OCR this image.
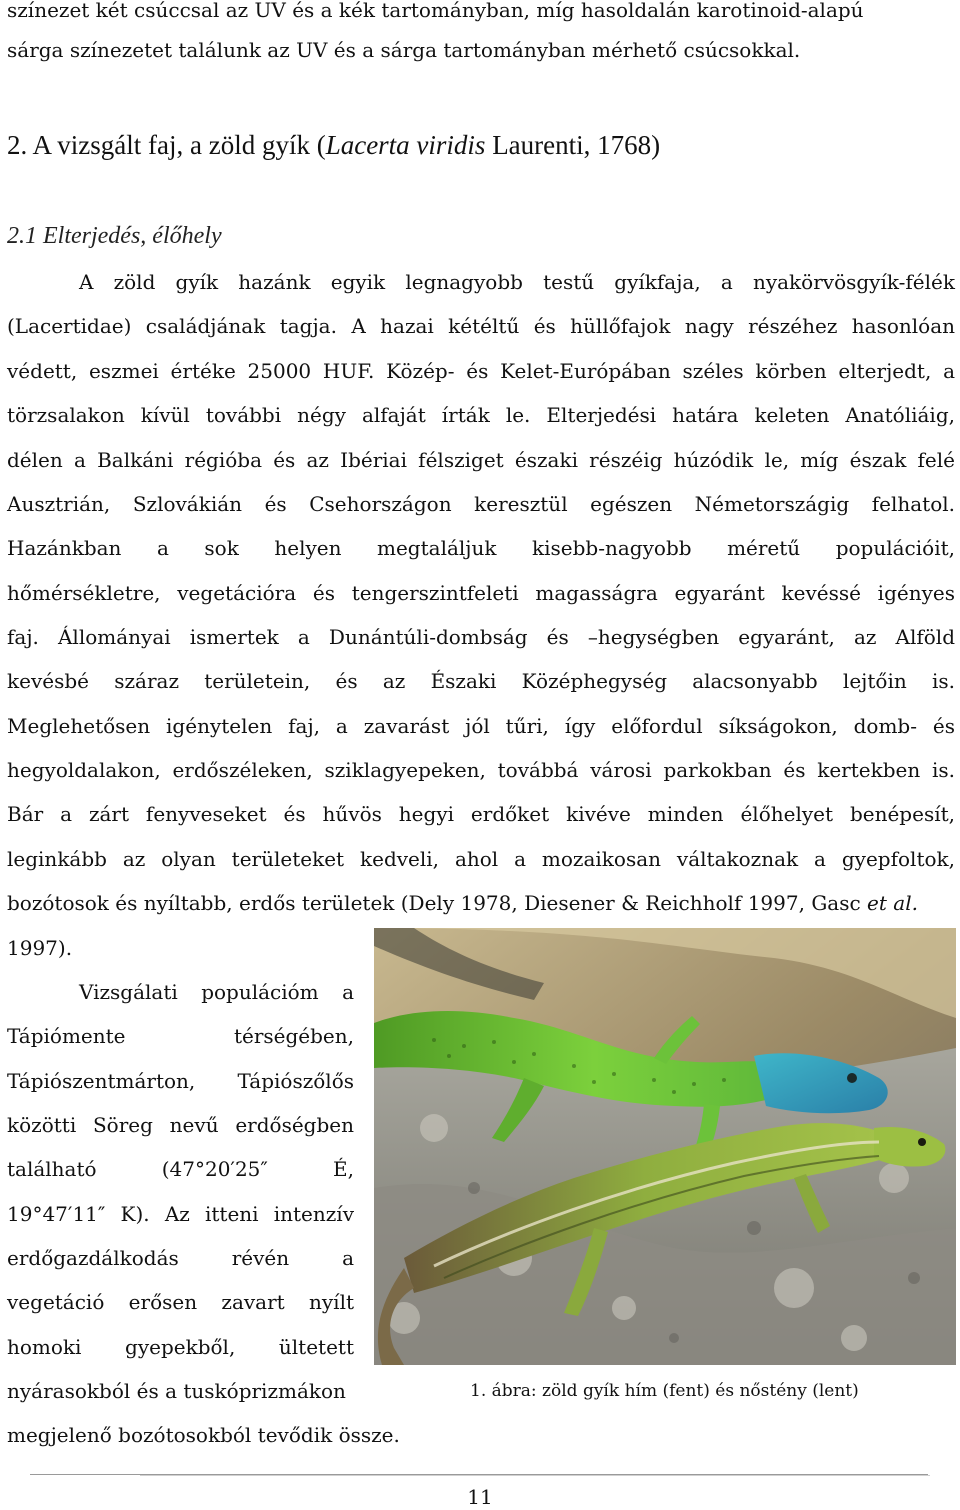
színezet két csúccsal az UV és a kék tartományban, míg hasoldalán karotinoid-alapú
sárga színezetet találunk az UV és a sárga tartományban mérhető csúcsokkal.
2. A vizsgált faj, a zöld gyík (Lacerta viridis Laurenti, 1768)
2.1 Elterjedés, élőhely
A zöld gyík hazánk egyik legnagyobb testű gyíkfaja, a nyakörvösgyík-félék
(Lacertidae) családjának tagja. A hazai kétéltű és hüllőfajok nagy részéhez hasonlóan
védett, eszmei értéke 25000 HUF. Közép- és Kelet-Európában széles körben elterjedt, a
törzsalakon kívül további négy alfaját írták le. Elterjedési határa keleten Anatóliáig,
délen a Balkáni régióba és az Ibériai félsziget északi részéig húzódik le, míg észak felé
Ausztrián, Szlovákián és Csehországon keresztül egészen Németországig felhatol.
Hazánkban a sok helyen megtaláljuk kisebb-nagyobb méretű populációit,
hőmérsékletre, vegetációra és tengerszintfeleti magasságra egyaránt kevéssé igényes
faj. Állományai ismertek a Dunántúli-dombság és –hegységben egyaránt, az Alföld
kevésbé száraz területein, és az Északi Középhegység alacsonyabb lejtőin is.
Meglehetősen igénytelen faj, a zavarást jól tűri, így előfordul síkságokon, domb- és
hegyoldalakon, erdőszéleken, sziklagyepeken, továbbá városi parkokban és kertekben is.
Bár a zárt fenyveseket és hűvös hegyi erdőket kivéve minden élőhelyet benépesít,
leginkább az olyan területeket kedveli, ahol a mozaikosan váltakoznak a gyepfoltok,
bozótosok és nyíltabb, erdős területek (Dely 1978, Diesener & Reichholf 1997, Gasc et al.
1997).
Vizsgálati populációm a
Tápiómente térségében,
Tápiószentmárton, Tápiószőlős
közötti Söreg nevű erdőségben
található (47°20′25″ É,
19°47′11″ K). Az itteni intenzív
erdőgazdálkodás révén a
vegetáció erősen zavart nyílt
homoki gyepekből, ültetett
nyárasokból és a tuskóprizmákon
megjelenő bozótosokból tevődik össze.
1. ábra: zöld gyík hím (fent) és nőstény (lent)
11
